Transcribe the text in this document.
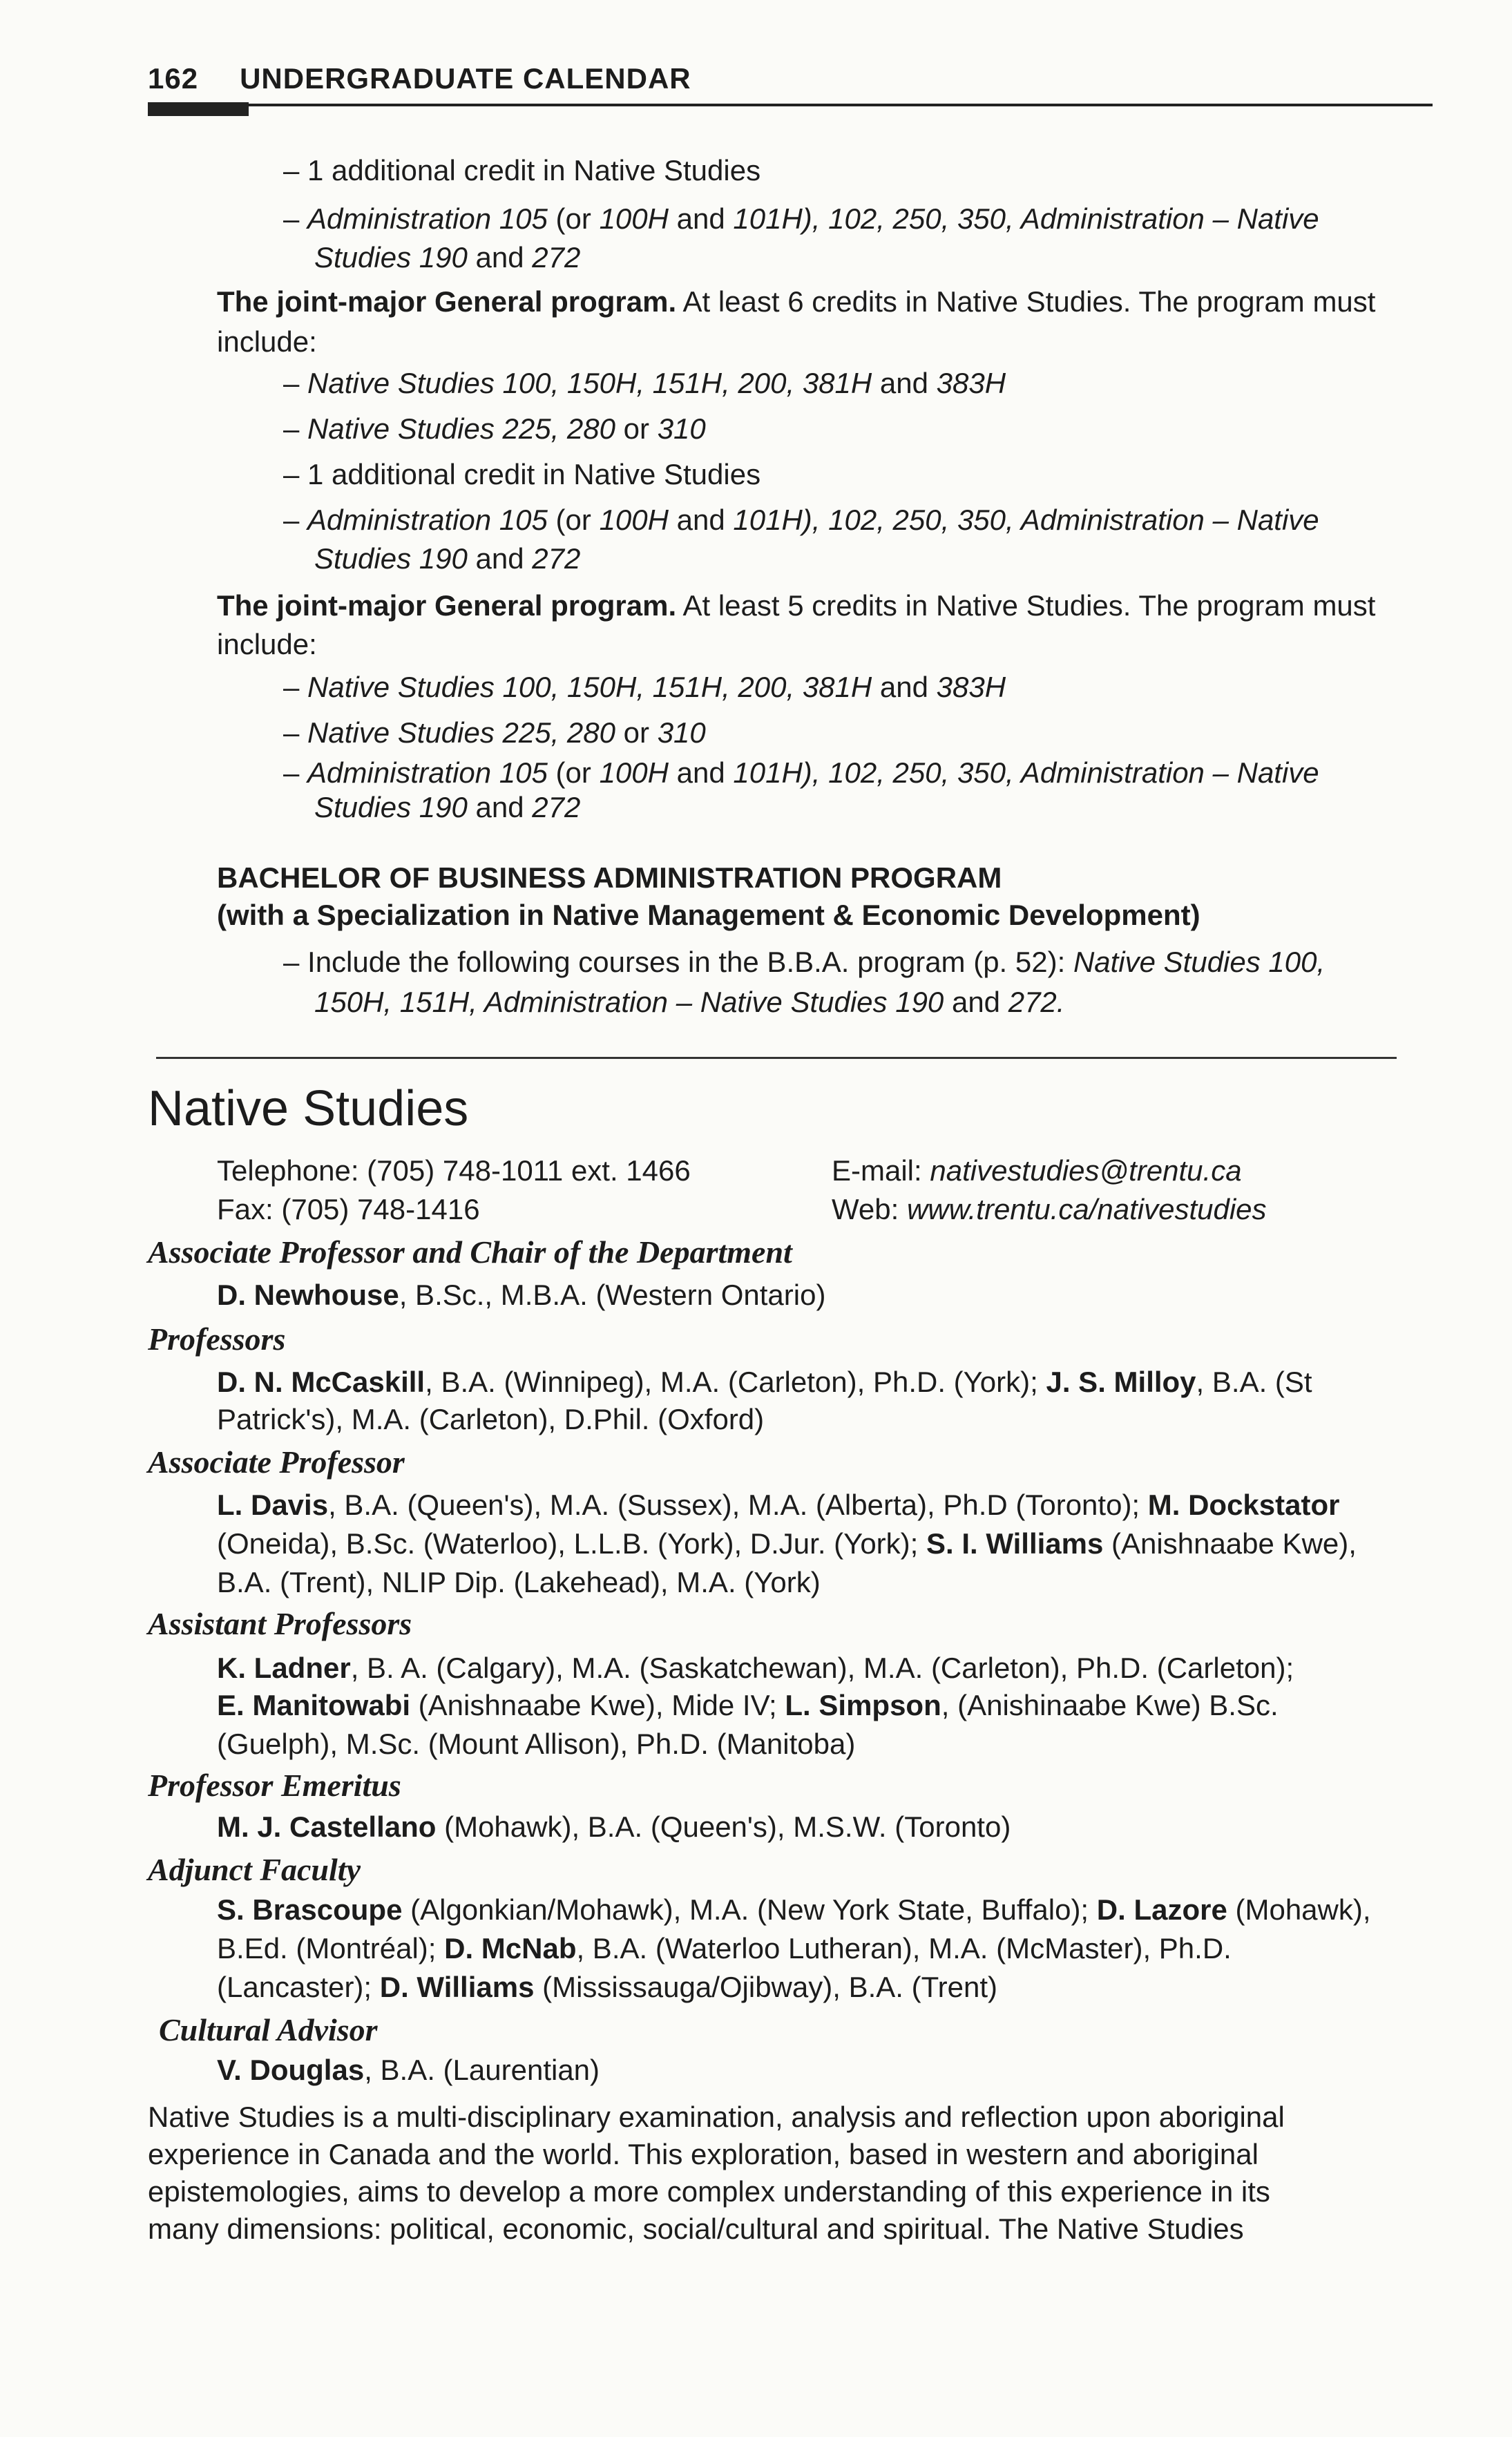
162 UNDERGRADUATE CALENDAR
– 1 additional credit in Native Studies
– Administration 105 (or 100H and 101H), 102, 250, 350, Administration – Native
Studies 190 and 272
The joint-major General program. At least 6 credits in Native Studies. The program must
include:
– Native Studies 100, 150H, 151H, 200, 381H and 383H
– Native Studies 225, 280 or 310
– 1 additional credit in Native Studies
– Administration 105 (or 100H and 101H), 102, 250, 350, Administration – Native
Studies 190 and 272
The joint-major General program. At least 5 credits in Native Studies. The program must
include:
– Native Studies 100, 150H, 151H, 200, 381H and 383H
– Native Studies 225, 280 or 310
– Administration 105 (or 100H and 101H), 102, 250, 350, Administration – Native
Studies 190 and 272
BACHELOR OF BUSINESS ADMINISTRATION PROGRAM
(with a Specialization in Native Management & Economic Development)
– Include the following courses in the B.B.A. program (p. 52): Native Studies 100,
150H, 151H, Administration – Native Studies 190 and 272.
Native Studies
Telephone: (705) 748-1011 ext. 1466
Fax: (705) 748-1416
E-mail: nativestudies@trentu.ca
Web: www.trentu.ca/nativestudies
Associate Professor and Chair of the Department
D. Newhouse, B.Sc., M.B.A. (Western Ontario)
Professors
D. N. McCaskill, B.A. (Winnipeg), M.A. (Carleton), Ph.D. (York); J. S. Milloy, B.A. (St
Patrick's), M.A. (Carleton), D.Phil. (Oxford)
Associate Professor
L. Davis, B.A. (Queen's), M.A. (Sussex), M.A. (Alberta), Ph.D (Toronto); M. Dockstator
(Oneida), B.Sc. (Waterloo), L.L.B. (York), D.Jur. (York); S. I. Williams (Anishnaabe Kwe),
B.A. (Trent), NLIP Dip. (Lakehead), M.A. (York)
Assistant Professors
K. Ladner, B. A. (Calgary), M.A. (Saskatchewan), M.A. (Carleton), Ph.D. (Carleton);
E. Manitowabi (Anishnaabe Kwe), Mide IV; L. Simpson, (Anishinaabe Kwe) B.Sc.
(Guelph), M.Sc. (Mount Allison), Ph.D. (Manitoba)
Professor Emeritus
M. J. Castellano (Mohawk), B.A. (Queen's), M.S.W. (Toronto)
Adjunct Faculty
S. Brascoupe (Algonkian/Mohawk), M.A. (New York State, Buffalo); D. Lazore (Mohawk),
B.Ed. (Montréal); D. McNab, B.A. (Waterloo Lutheran), M.A. (McMaster), Ph.D.
(Lancaster); D. Williams (Mississauga/Ojibway), B.A. (Trent)
Cultural Advisor
V. Douglas, B.A. (Laurentian)
Native Studies is a multi-disciplinary examination, analysis and reflection upon aboriginal
experience in Canada and the world. This exploration, based in western and aboriginal
epistemologies, aims to develop a more complex understanding of this experience in its
many dimensions: political, economic, social/cultural and spiritual. The Native Studies
